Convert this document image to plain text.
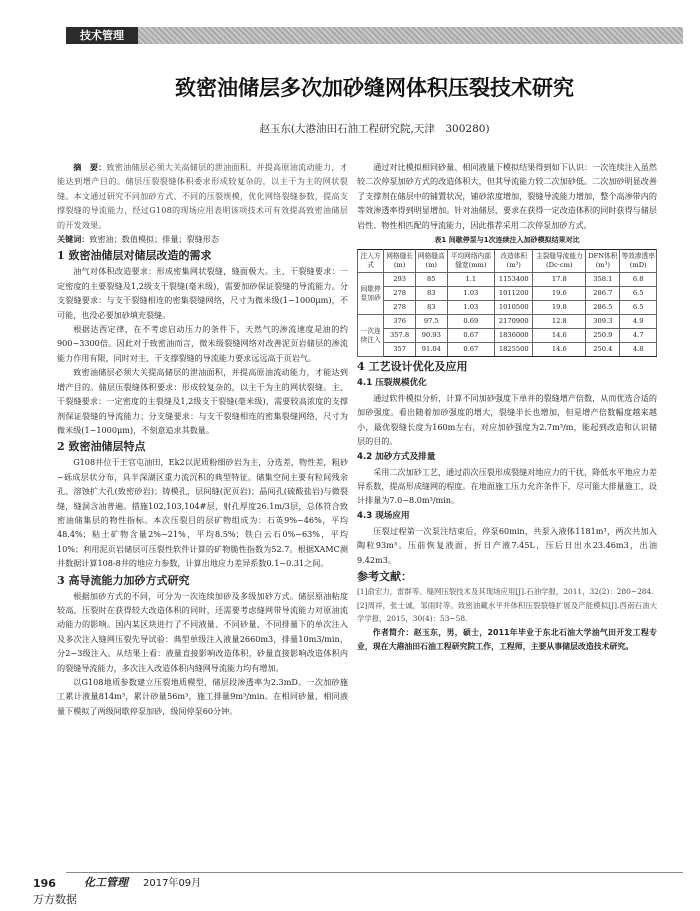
技术管理
致密油储层多次加砂缝网体积压裂技术研究
赵玉东(大港油田石油工程研究院,天津　300280)

摘　要：致密油储层必须大关高储层的泄油面积、并提高原油流动能力，才能达到增产目的。储层压裂裂缝体积委求形成较复杂的，以主干为主的网状裂缝。本文通过研究不同加砂方式、不同的压裂规模，优化网络裂缝参数，提高支撑裂缝的导流能力，经过G108的现场应用表明该项技术可有效提高致密油储层的开发效果。

关键词：致密油；数值模拟；排量；裂缝形态

1 致密油储层对储层改造的需求

油气对体积改造要求：形成密集网状裂缝，缝面极大。主、干裂缝要求：一定密度的主要裂缝及1,2级支干裂缝(毫米级)，需要加砂保证裂缝的导流能力。分支裂缝要求：与支干裂缝相连的密集裂缝网络，尺寸为微米级(1~1000μm)，不可能，也没必要加砂填充裂缝。

根据达西定律，在不考虑启动压力的条件下，天然气的渗流速度是油的约900~3300倍。因此对于致密油而言，微米级裂缝网络对改善泥页岩储层的渗流能力作用有限，同时对主、干支撑裂缝的导流能力要求远远高于页岩气。

致密油储层必须大关提高储层的泄油面积，并提高原油流动能力，才能达到增产目的。储层压裂缝体积要求：形成较复杂的，以主干为主的网状裂缝。主、干裂缝要求：一定密度的主裂缝及1,2级支干裂缝(毫米级)，需要较高浓度的支撑剂保证裂缝的导流能力；分支缝要求：与支干裂缝相连的密集裂缝网络，尺寸为微米级(1~1000μm)，不刻意追求其数量。

2 致密油储层特点

G108井位于王官屯油田，Ek2以泥质粉细砂岩为主，分选差，物性差，粗砂~砾成层状分布，具半深湖区重力流沉积的典型特征。储集空间主要有粒间残余孔、溶蚀扩大孔(致密砂岩)；铸模孔，层间缝(泥页岩)；晶间孔(硫酸盐岩)与微裂缝，缝洞含油普遍。措施102,103,104#层，射孔厚度26.1m/3层，总体符合致密油储集层的物性指标。本次压裂目的层矿物组成为：石英9%~46%，平均48.4%；粘土矿物含量2%~21%，平均8.5%；铁白云石0%~63%，平均10%；利用泥页岩储层可压裂性软件计算的矿物脆性指数为52.7。根据XAMC测井数据计算108-8井的地应力参数，计算出地应力差异系数0.1~0.31之间。

3 高导流能力加砂方式研究

根据加砂方式的不同，可分为一次连续加砂及多级加砂方式。储层原油粘度较高，压裂时在获得较大改造体积的同时，还需要考虑缝网带导流能力对原油流动能力的影响。国内某区块进行了不同液量、不同砂量、不同排量下的单次注入及多次注入缝网压裂先导试验：典型单级注入液量2660m3，排量10m3/min，分2~3级注入。从结果上看：液量直接影响改造体积，砂量直接影响改造体积内的裂缝导流能力，多次注入改造体积内缝网导流能力均有增加。

以G108地质参数建立压裂地质模型，储层段渗透率为2.3mD。一次加砂施工累计液量814m³，累计砂量56m³，施工排量9m³/min。在相同砂量、相同液量下模拟了两级间歇停泵加砂，级间停泵60分钟。

通过对比模拟相同砂量、相同液量下模拟结果得到如下认识：一次连续注入虽然较二次停泵加砂方式的改造体积大，但其导流能力较二次加砂低。二次加砂明显改善了支撑剂在储层中的铺置状况，铺砂浓度增加，裂缝导流能力增加，整个高渗带内的等效渗透率得到明显增加。针对油储层，要求在获得一定改造体积的同时获得与储层岩性、物性相匹配的导流能力，因此推荐采用二次停泵加砂方式。

表1 间歇停泵与1次连续注入加砂模拟结果对比
注入方式	网格缝长(m)	网格缝高(m)	平均网络内部缝宽(mm)	改造体积(m³)	主裂缝导流能力(Dc·cm)	DFN体积(m³)	等效渗透率(mD)
间歇停泵加砂	293	85	1.1	1153400	17.8	358.1	6.8
	278	83	1.03	1011200	19.6	286.7	6.5
	278	83	1.03	1010500	19.8	286.5	6.5
一次连续注入	376	97.5	0.69	2170900	12.8	309.3	4.9
	357.8	90.93	0.67	1836000	14.6	250.9	4.7
	357	91.04	0.67	1825500	14.6	250.4	4.8
4 工艺设计优化及应用
4.1 压裂规模优化

通过软件模拟分析，计算不同加砂强度下单井的裂缝增产倍数，从而优选合适的加砂强度。看出随着加砂强度的增大，裂缝半长也增加，但是增产倍数幅度越来越小，最优裂缝长度为160m左右，对应加砂强度为2.7m³/m，能起到改造和认识储层的目的。

4.2 加砂方式及排量

采用二次加砂工艺，通过前次压裂形成裂缝对地应力的干扰，降低水平地应力差异系数，提高形成缝网的程度。在地面施工压力允许条件下，尽可能大排量施工，设计排量为7.0~8.0m³/min。

4.3 现场应用

压裂过程第一次泵注结束后，停泵60min，共泵入液体1181m³，两次共加入陶粒93m³。压前恢复液面，折日产液7.45L，压后日出水23.46m3，出油9.42m3。

参考文献：

[1]俞宏力，雷群等。缝网压裂技术及其现场应用[J].石油学报，2011，32(2)：280~284.

[2]周祥，张士诚，邹雨时等。致密油藏水平井体积压裂裂缝扩展及产能模拟[J].西南石油大学学报，2015，30(4)：53~58.

作者简介：赵玉东，男，硕士，2011年毕业于东北石油大学油气田开发工程专业，现在大港油田石油工程研究院工作，工程师，主要从事储层改造技术研究。

196	化工管理 2017年09月
万方数据
